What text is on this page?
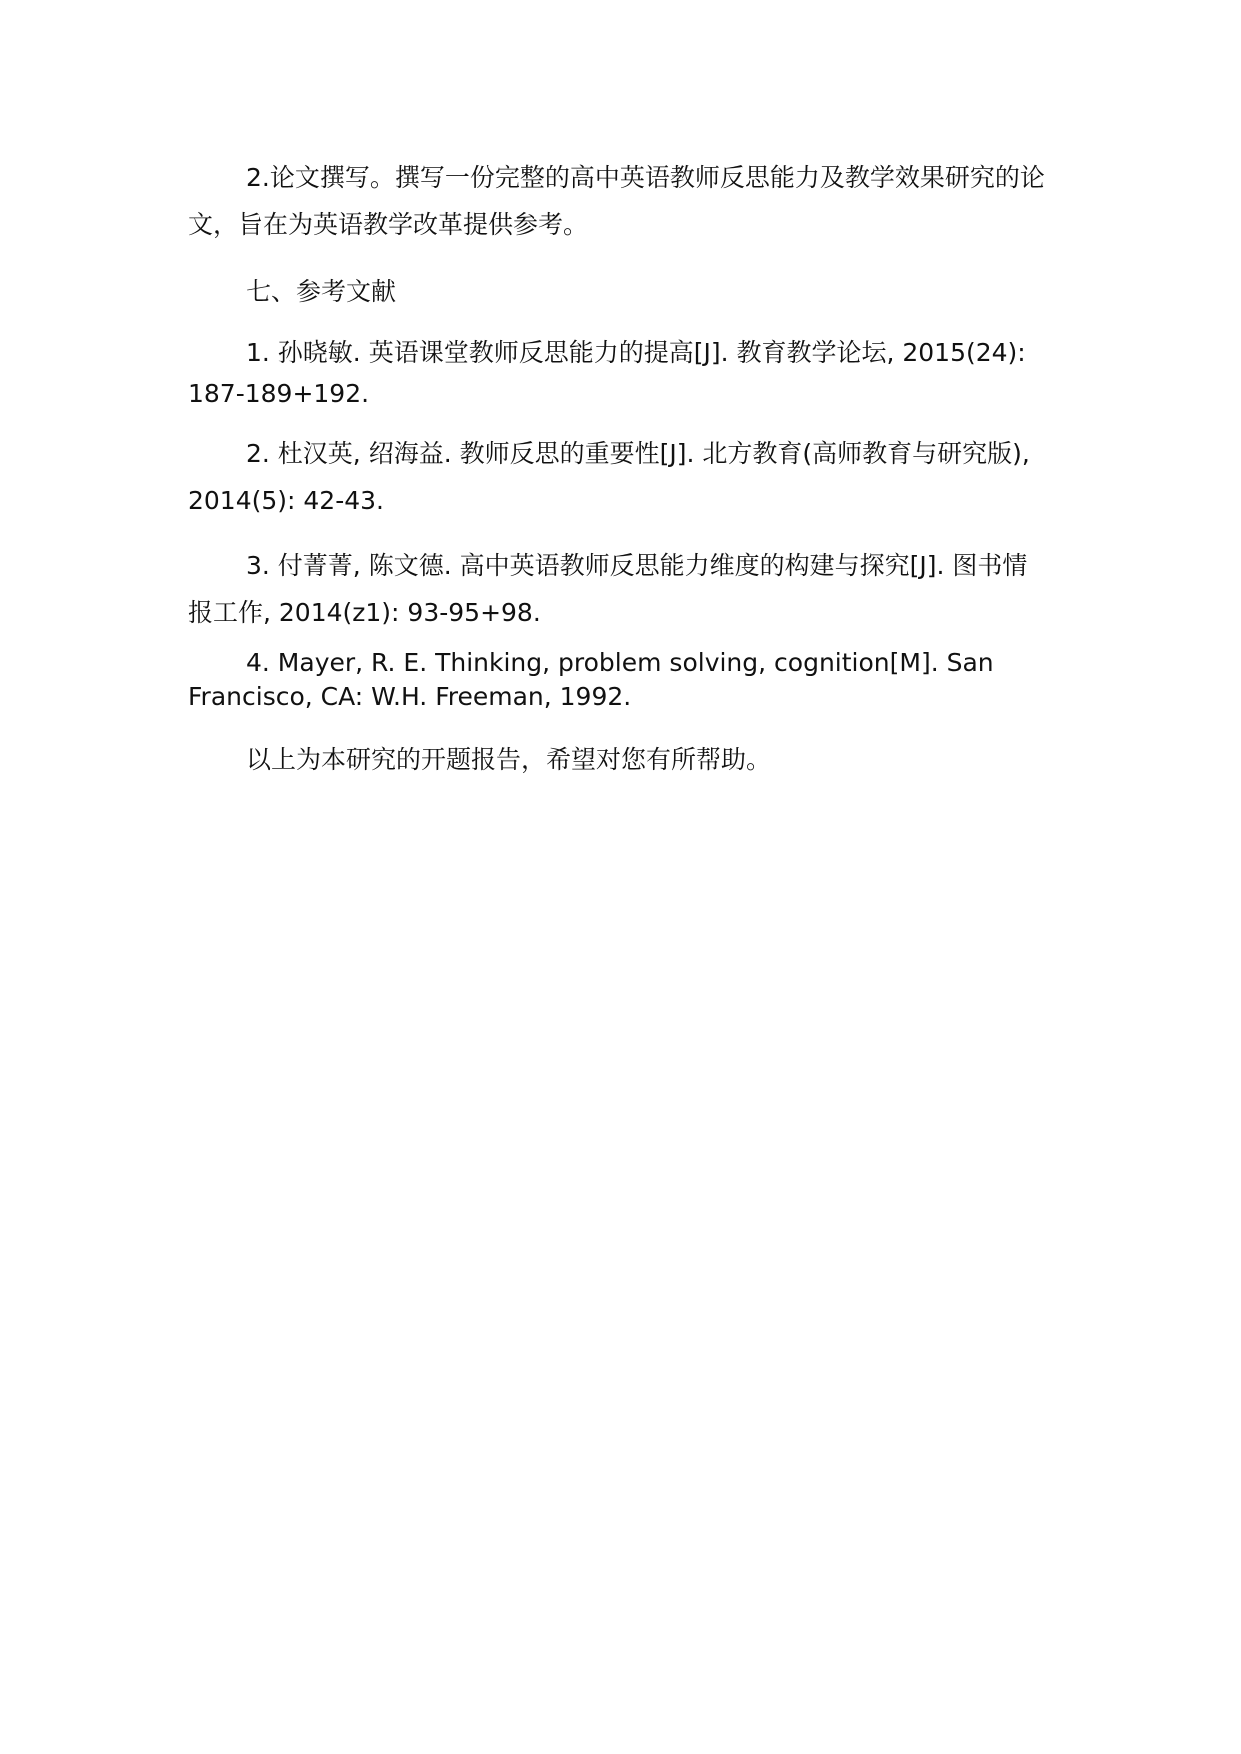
2.论文撰写。撰写一份完整的高中英语教师反思能力及教学效果研究的论文，旨在为英语教学改革提供参考。

七、参考文献

1. 孙晓敏. 英语课堂教师反思能力的提高[J]. 教育教学论坛, 2015(24): 187-189+192.

2. 杜汉英, 绍海益. 教师反思的重要性[J]. 北方教育(高师教育与研究版), 2014(5): 42-43.

3. 付菁菁, 陈文德. 高中英语教师反思能力维度的构建与探究[J]. 图书情报工作, 2014(z1): 93-95+98.

4. Mayer, R. E. Thinking, problem solving, cognition[M]. San Francisco, CA: W.H. Freeman, 1992.

以上为本研究的开题报告，希望对您有所帮助。
